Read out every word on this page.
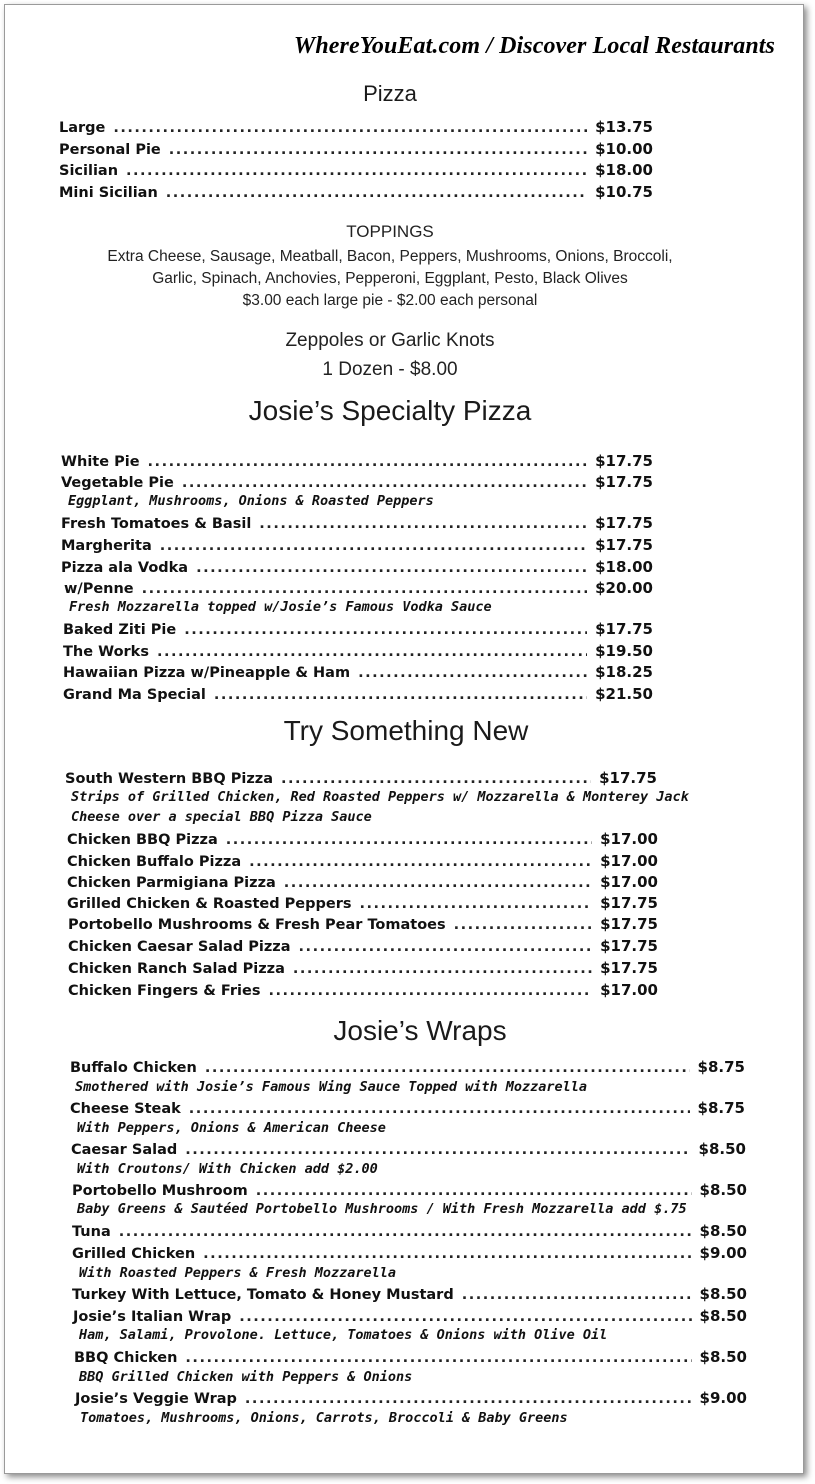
WhereYouEat.com / Discover Local Restaurants
Pizza
Large .....	$13.75
Personal Pie .....	$10.00
Sicilian .....	$18.00
Mini Sicilian .....	$10.75
TOPPINGS
Extra Cheese, Sausage, Meatball, Bacon, Peppers, Mushrooms, Onions, Broccoli,
Garlic, Spinach, Anchovies, Pepperoni, Eggplant, Pesto, Black Olives
$3.00 each large pie - $2.00 each personal
Zeppoles or Garlic Knots
1 Dozen - $8.00
Josie’s Specialty Pizza
White Pie .....	$17.75
Vegetable Pie .....	$17.75
Eggplant, Mushrooms, Onions & Roasted Peppers
Fresh Tomatoes & Basil .....	$17.75
Margherita .....	$17.75
Pizza ala Vodka .....	$18.00
w/Penne .....	$20.00
Fresh Mozzarella topped w/Josie’s Famous Vodka Sauce
Baked Ziti Pie .....	$17.75
The Works .....	$19.50
Hawaiian Pizza w/Pineapple & Ham .....	$18.25
Grand Ma Special .....	$21.50
Try Something New
South Western BBQ Pizza .....	$17.75
Strips of Grilled Chicken, Red Roasted Peppers w/ Mozzarella & Monterey Jack
Cheese over a special BBQ Pizza Sauce
Chicken BBQ Pizza .....	$17.00
Chicken Buffalo Pizza .....	$17.00
Chicken Parmigiana Pizza .....	$17.00
Grilled Chicken & Roasted Peppers .....	$17.75
Portobello Mushrooms & Fresh Pear Tomatoes .....	$17.75
Chicken Caesar Salad Pizza .....	$17.75
Chicken Ranch Salad Pizza .....	$17.75
Chicken Fingers & Fries .....	$17.00
Josie’s Wraps
Buffalo Chicken .....	$8.75
Smothered with Josie’s Famous Wing Sauce Topped with Mozzarella
Cheese Steak .....	$8.75
With Peppers, Onions & American Cheese
Caesar Salad .....	$8.50
With Croutons/ With Chicken add $2.00
Portobello Mushroom .....	$8.50
Baby Greens & Sautéed Portobello Mushrooms / With Fresh Mozzarella add $.75
Tuna .....	$8.50
Grilled Chicken .....	$9.00
With Roasted Peppers & Fresh Mozzarella
Turkey With Lettuce, Tomato & Honey Mustard .....	$8.50
Josie’s Italian Wrap .....	$8.50
Ham, Salami, Provolone. Lettuce, Tomatoes & Onions with Olive Oil
BBQ Chicken .....	$8.50
BBQ Grilled Chicken with Peppers & Onions
Josie’s Veggie Wrap .....	$9.00
Tomatoes, Mushrooms, Onions, Carrots, Broccoli & Baby Greens
